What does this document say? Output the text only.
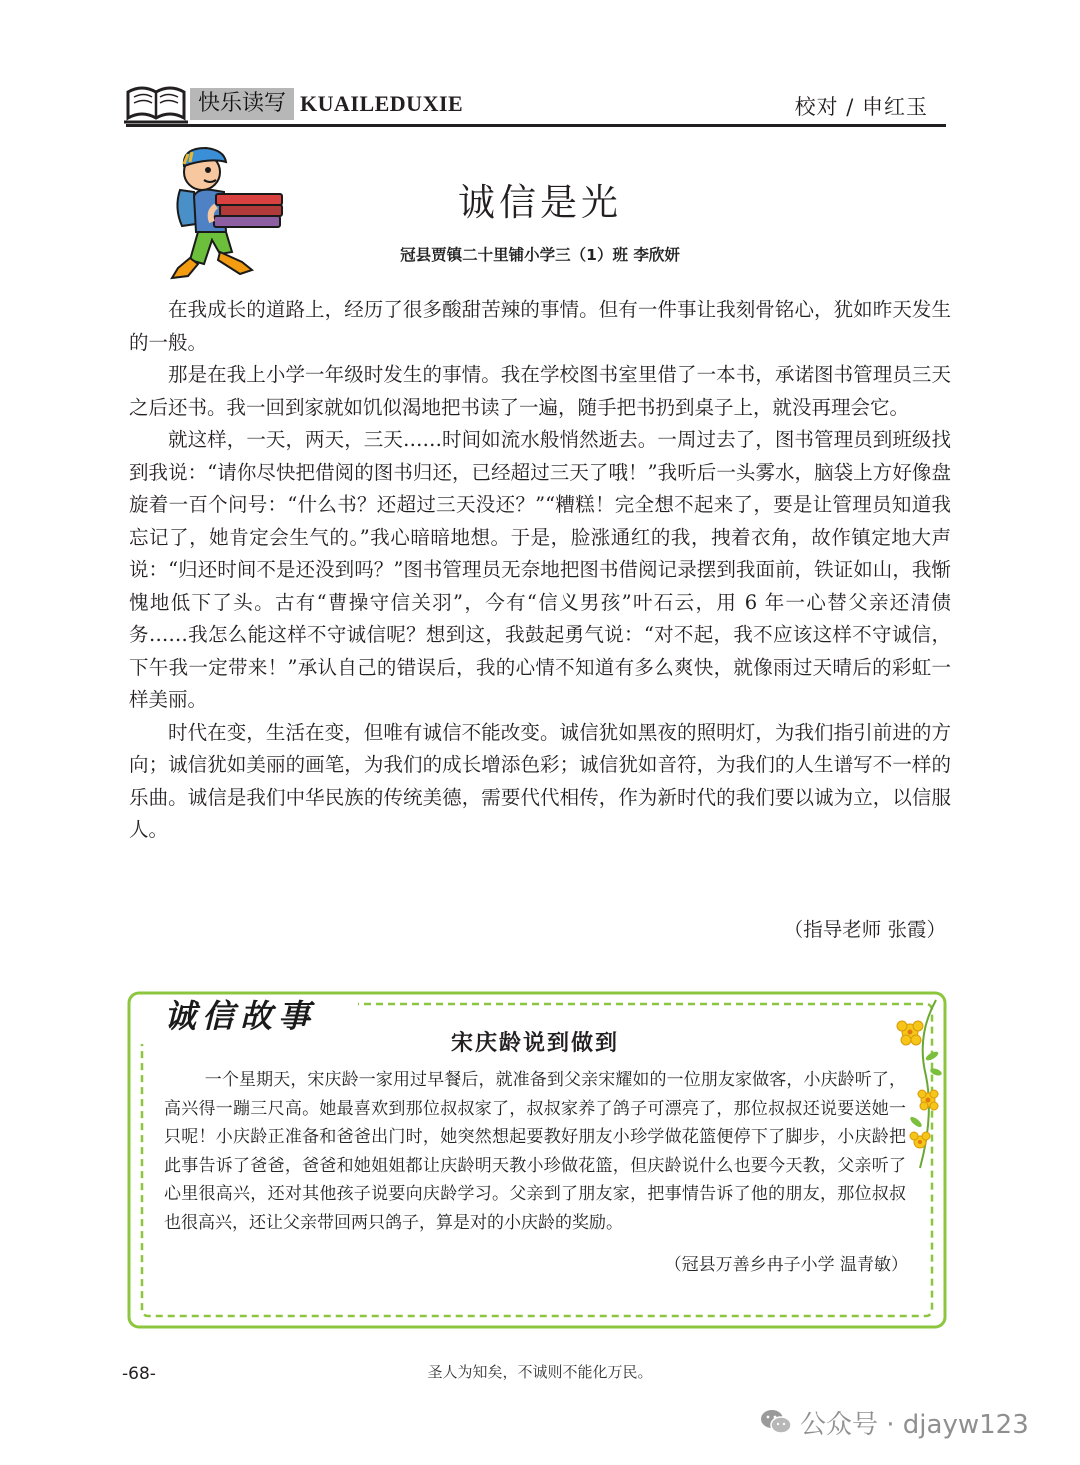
快乐读写 KUAILEDUXIE	校对 / 申红玉
诚信是光
冠县贾镇二十里铺小学三（1）班 李欣妍

在我成长的道路上，经历了很多酸甜苦辣的事情。但有一件事让我刻骨铭心，犹如昨天发生的一般。

那是在我上小学一年级时发生的事情。我在学校图书室里借了一本书，承诺图书管理员三天之后还书。我一回到家就如饥似渴地把书读了一遍，随手把书扔到桌子上，就没再理会它。

就这样，一天，两天，三天……时间如流水般悄然逝去。一周过去了，图书管理员到班级找到我说：“请你尽快把借阅的图书归还，已经超过三天了哦！”我听后一头雾水，脑袋上方好像盘旋着一百个问号：“什么书？还超过三天没还？”“糟糕！完全想不起来了，要是让管理员知道我忘记了，她肯定会生气的。”我心暗暗地想。于是，脸涨通红的我，拽着衣角，故作镇定地大声说：“归还时间不是还没到吗？”图书管理员无奈地把图书借阅记录摆到我面前，铁证如山，我惭愧地低下了头。古有“曹操守信关羽”，今有“信义男孩”叶石云，用 6 年一心替父亲还清债务……我怎么能这样不守诚信呢？想到这，我鼓起勇气说：“对不起，我不应该这样不守诚信，下午我一定带来！”承认自己的错误后，我的心情不知道有多么爽快，就像雨过天晴后的彩虹一样美丽。

时代在变，生活在变，但唯有诚信不能改变。诚信犹如黑夜的照明灯，为我们指引前进的方向；诚信犹如美丽的画笔，为我们的成长增添色彩；诚信犹如音符，为我们的人生谱写不一样的乐曲。诚信是我们中华民族的传统美德，需要代代相传，作为新时代的我们要以诚为立，以信服人。

（指导老师 张霞）
诚信故事
宋庆龄说到做到

一个星期天，宋庆龄一家用过早餐后，就准备到父亲宋耀如的一位朋友家做客，小庆龄听了，高兴得一蹦三尺高。她最喜欢到那位叔叔家了，叔叔家养了鸽子可漂亮了，那位叔叔还说要送她一只呢！小庆龄正准备和爸爸出门时，她突然想起要教好朋友小珍学做花篮便停下了脚步，小庆龄把此事告诉了爸爸，爸爸和她姐姐都让庆龄明天教小珍做花篮，但庆龄说什么也要今天教，父亲听了心里很高兴，还对其他孩子说要向庆龄学习。父亲到了朋友家，把事情告诉了他的朋友，那位叔叔也很高兴，还让父亲带回两只鸽子，算是对的小庆龄的奖励。

（冠县万善乡冉子小学 温青敏）
-68-	圣人为知矣，不诚则不能化万民。
公众号 · djayw123
